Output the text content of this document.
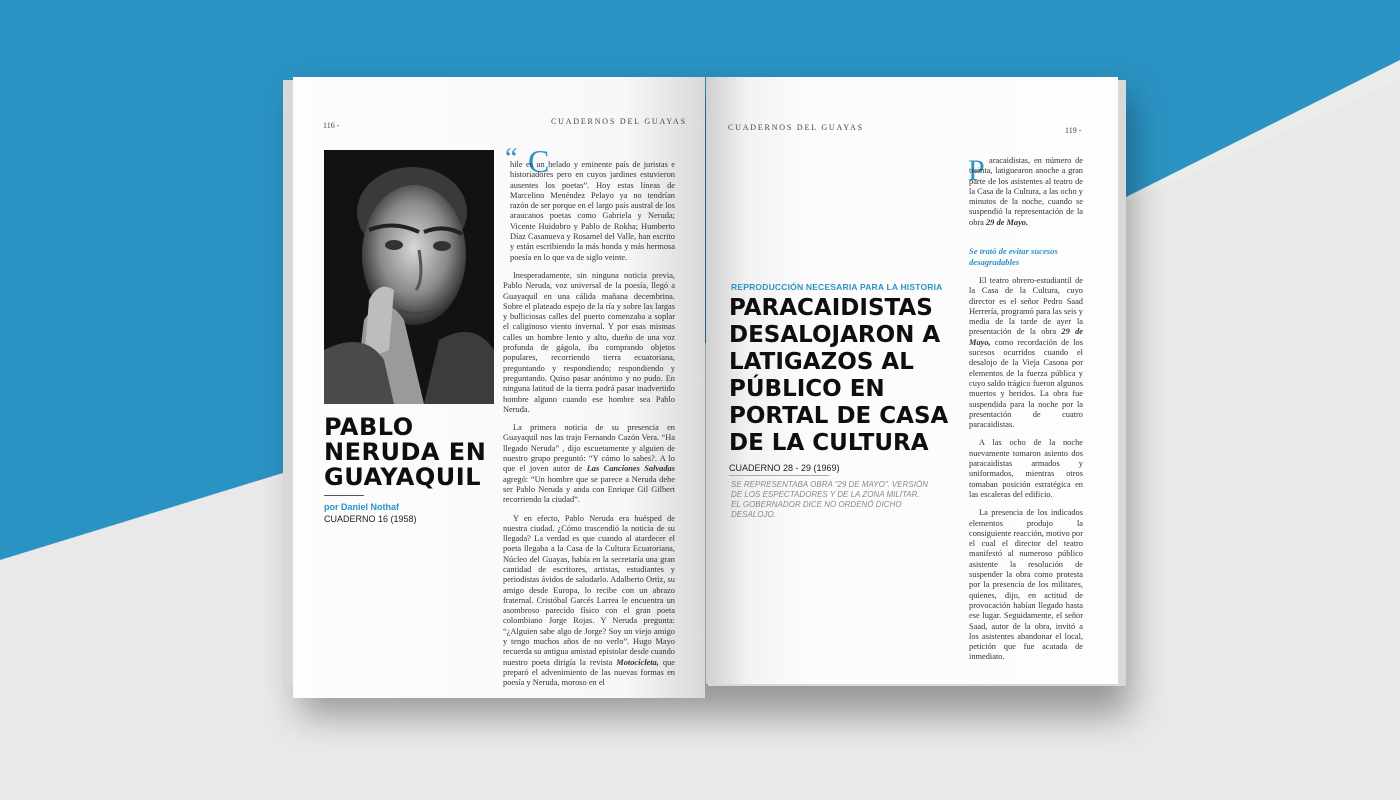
116 -	CUADERNOS DEL GUAYAS
PABLO NERUDA EN GUAYAQUIL
por Daniel Nothaf
CUADERNO 16 (1958)
“ C

hile es un helado y eminente país de juristas e historiadores pero en cuyos jardines estuvieron ausentes los poetas”. Hoy estas líneas de Marcelino Menéndez Pelayo ya no tendrían razón de ser porque en el largo país austral de los araucanos poetas como Gabriela y Neruda; Vicente Huidobro y Pablo de Rokha; Humberto Díaz Casanueva y Rosamel del Valle, han escrito y están escribiendo la más honda y más hermosa poesía en lo que va de siglo veinte.

Inesperadamente, sin ninguna noticia previa, Pablo Neruda, voz universal de la poesía, llegó a Guayaquil en una cálida mañana decembrina. Sobre el plateado espejo de la ría y sobre las largas y bulliciosas calles del puerto comenzaba a soplar el caliginoso viento invernal. Y por esas mismas calles un hombre lento y alto, dueño de una voz profunda de gágola, iba comprando objetos populares, recorriendo tierra ecuatoriana, preguntando y respondiendo; respondiendo y preguntando. Quiso pasar anónimo y no pudo. En ninguna latitud de la tierra podrá pasar inadvertido hombre alguno cuando ese hombre sea Pablo Neruda.

La primera noticia de su presencia en Guayaquil nos las trajo Fernando Cazón Vera. “Ha llegado Neruda” , dijo escuetamente y alguien de nuestro grupo preguntó: “Y cómo lo sabes?. A lo que el joven autor de Las Canciones Salvadas agregó: “Un hombre que se parece a Neruda debe ser Pablo Neruda y anda con Enrique Gil Gilbert recorriendo la ciudad”.

Y en efecto, Pablo Neruda era huésped de nuestra ciudad. ¿Cómo trascendió la noticia de su llegada? La verdad es que cuando al atardecer el poeta llegaba a la Casa de la Cultura Ecuatoriana, Núcleo del Guayas, había en la secretaría una gran cantidad de escritores, artistas, estudiantes y periodistas ávidos de saludarlo. Adalberto Ortiz, su amigo desde Europa, lo recibe con un abrazo fraternal. Cristóbal Garcés Larrea le encuentra un asombroso parecido físico con el gran poeta colombiano Jorge Rojas. Y Neruda pregunta: “¿Alguien sabe algo de Jorge? Soy un viejo amigo y tengo muchos años de no verlo”. Hugo Mayo recuerda su antigua amistad epistolar desde cuando nuestro poeta dirigía la revista Motocicleta, que preparó el advenimiento de las nuevas formas en poesía y Neruda, moroso en el

CUADERNOS DEL GUAYAS	119 -
REPRODUCCIÓN NECESARIA PARA LA HISTORIA
PARACAIDISTAS DESALOJARON A LATIGAZOS AL PÚBLICO EN PORTAL DE CASA DE LA CULTURA
CUADERNO 28 - 29 (1969)
SE REPRESENTABA OBRA “29 DE MAYO”. VERSIÓN DE LOS ESPECTADORES Y DE LA ZONA MILITAR. EL GOBERNADOR DICE NO ORDENÓ DICHO DESALOJO.
P aracaidistas, en número de treinta, latiguearon anoche a gran parte de los asistentes al teatro de la Casa de la Cultura, a las ocho y minutos de la noche, cuando se suspendió la representación de la obra 29 de Mayo.

Se trató de evitar sucesos desagradables

El teatro obrero-estudiantil de la Casa de la Cultura, cuyo director es el señor Pedro Saad Herrería, programó para las seis y media de la tarde de ayer la presentación de la obra 29 de Mayo, como recordación de los sucesos ocurridos cuando el desalojo de la Vieja Casona por elementos de la fuerza pública y cuyo saldo trágico fueron algunos muertos y heridos. La obra fue suspendida para la noche por la presentación de cuatro paracaidistas.

A las ocho de la noche nuevamente tomaron asiento dos paracaidistas armados y uniformados, mientras otros tomaban posición estratégica en las escaleras del edificio.

La presencia de los indicados elementos produjo la consiguiente reacción, motivo por el cual el director del teatro manifestó al numeroso público asistente la resolución de suspender la obra como protesta por la presencia de los militares, quienes, dijo, en actitud de provocación habían llegado hasta ese lugar. Seguidamente, el señor Saad, autor de la obra, invitó a los asistentes abandonar el local, petición que fue acatada de inmediato.
